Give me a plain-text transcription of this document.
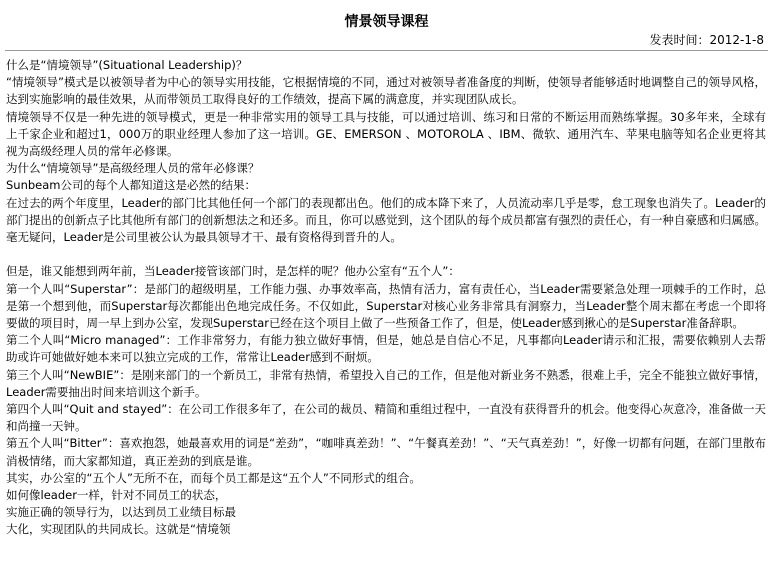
情景领导课程
发表时间：2012-1-8

什么是“情境领导”(Situational Leadership)？

“情境领导”模式是以被领导者为中心的领导实用技能，它根据情境的不同，通过对被领导者准备度的判断，使领导者能够适时地调整自己的领导风格，达到实施影响的最佳效果，从而带领员工取得良好的工作绩效，提高下属的满意度，并实现团队成长。

情境领导不仅是一种先进的领导模式，更是一种非常实用的领导工具与技能，可以通过培训、练习和日常的不断运用而熟练掌握。30多年来，全球有上千家企业和超过1，000万的职业经理人参加了这一培训。GE、EMERSON 、MOTOROLA 、IBM、微软、通用汽车、苹果电脑等知名企业更将其视为高级经理人员的常年必修课。

为什么“情境领导”是高级经理人员的常年必修课？

Sunbeam公司的每个人都知道这是必然的结果：

在过去的两个年度里，Leader的部门比其他任何一个部门的表现都出色。他们的成本降下来了，人员流动率几乎是零，怠工现象也消失了。Leader的部门提出的创新点子比其他所有部门的创新想法之和还多。而且，你可以感觉到，这个团队的每个成员都富有强烈的责任心，有一种自豪感和归属感。毫无疑问，Leader是公司里被公认为最具领导才干、最有资格得到晋升的人。

但是，谁又能想到两年前，当Leader接管该部门时，是怎样的呢？他办公室有“五个人”：

第一个人叫“Superstar”：是部门的超级明星，工作能力强、办事效率高，热情有活力，富有责任心，当Leader需要紧急处理一项棘手的工作时，总是第一个想到他，而Superstar每次都能出色地完成任务。不仅如此，Superstar对核心业务非常具有洞察力，当Leader整个周末都在考虑一个即将要做的项目时，周一早上到办公室，发现Superstar已经在这个项目上做了一些预备工作了，但是，使Leader感到揪心的是Superstar准备辞职。

第二个人叫“Micro managed”：工作非常努力，有能力独立做好事情，但是，她总是自信心不足，凡事都向Leader请示和汇报，需要依赖别人去帮助或许可她做好她本来可以独立完成的工作，常常让Leader感到不耐烦。

第三个人叫“NewBIE”：是刚来部门的一个新员工，非常有热情，希望投入自己的工作，但是他对新业务不熟悉，很难上手，完全不能独立做好事情，Leader需要抽出时间来培训这个新手。

第四个人叫“Quit and stayed”：在公司工作很多年了，在公司的裁员、精简和重组过程中，一直没有获得晋升的机会。他变得心灰意冷，准备做一天和尚撞一天钟。

第五个人叫“Bitter”：喜欢抱怨，她最喜欢用的词是“差劲”，“咖啡真差劲！”、“午餐真差劲！”、“天气真差劲！”，好像一切都有问题，在部门里散布消极情绪，而大家都知道，真正差劲的到底是谁。

其实，办公室的“五个人”无所不在，而每个员工都是这“五个人”不同形式的组合。

如何像leader一样，针对不同员工的状态，

实施正确的领导行为，以达到员工业绩目标最

大化，实现团队的共同成长。这就是“情境领
